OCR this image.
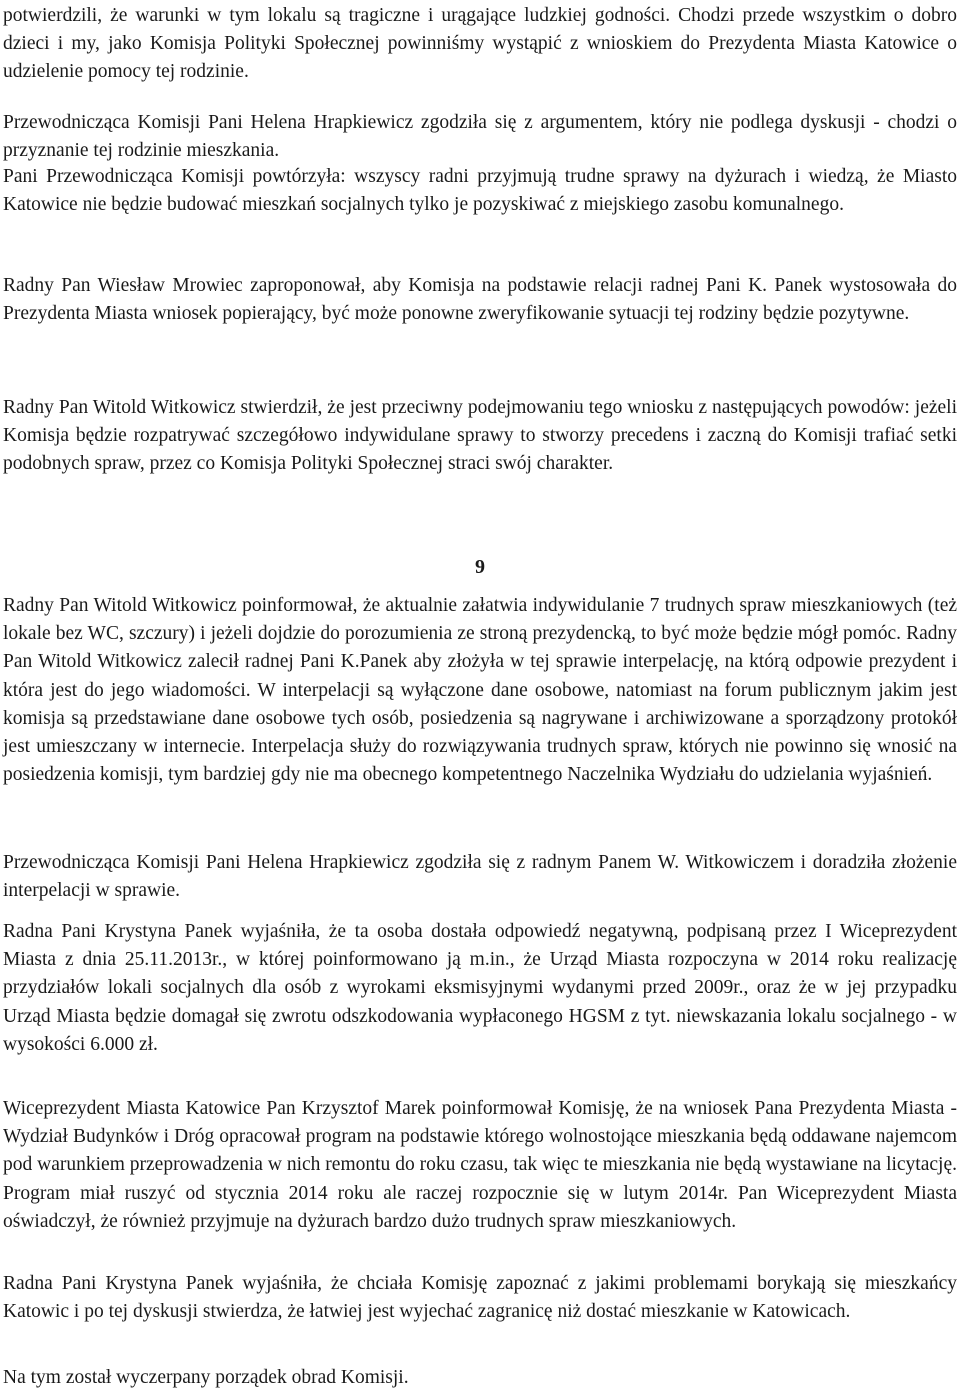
potwierdzili, że warunki w tym lokalu są tragiczne i urągające ludzkiej godności. Chodzi przede wszystkim o dobro dzieci i my, jako Komisja Polityki Społecznej powinniśmy wystąpić z wnioskiem do Prezydenta Miasta Katowice o udzielenie pomocy tej rodzinie.

Przewodnicząca Komisji Pani Helena Hrapkiewicz zgodziła się z argumentem, który nie podlega dyskusji - chodzi o przyznanie tej rodzinie mieszkania.

Pani Przewodnicząca Komisji powtórzyła: wszyscy radni przyjmują trudne sprawy na dyżurach i wiedzą, że Miasto Katowice nie będzie budować mieszkań socjalnych tylko je pozyskiwać z miejskiego zasobu komunalnego.

Radny Pan Wiesław Mrowiec zaproponował, aby Komisja na podstawie relacji radnej Pani K. Panek wystosowała do Prezydenta Miasta wniosek popierający, być może ponowne zweryfikowanie sytuacji tej rodziny będzie pozytywne.

Radny Pan Witold Witkowicz stwierdził, że jest przeciwny podejmowaniu tego wniosku z następujących powodów: jeżeli Komisja będzie rozpatrywać szczegółowo indywidulane sprawy to stworzy precedens i zaczną do Komisji trafiać setki podobnych spraw, przez co Komisja Polityki Społecznej straci swój charakter.

9

Radny Pan Witold Witkowicz poinformował, że aktualnie załatwia indywidulanie 7 trudnych spraw mieszkaniowych (też lokale bez WC, szczury) i jeżeli dojdzie do porozumienia ze stroną prezydencką, to być może będzie mógł pomóc. Radny Pan Witold Witkowicz zalecił radnej Pani K.Panek aby złożyła w tej sprawie interpelację, na którą odpowie prezydent i która jest do jego wiadomości. W interpelacji są wyłączone dane osobowe, natomiast na forum publicznym jakim jest komisja są przedstawiane dane osobowe tych osób, posiedzenia są nagrywane i archiwizowane a sporządzony protokół jest umieszczany w internecie. Interpelacja służy do rozwiązywania trudnych spraw, których nie powinno się wnosić na posiedzenia komisji, tym bardziej gdy nie ma obecnego kompetentnego Naczelnika Wydziału do udzielania wyjaśnień.

Przewodnicząca Komisji Pani Helena Hrapkiewicz zgodziła się z radnym Panem W. Witkowiczem i doradziła złożenie interpelacji w sprawie.

Radna Pani Krystyna Panek wyjaśniła, że ta osoba dostała odpowiedź negatywną, podpisaną przez I Wiceprezydent Miasta z dnia 25.11.2013r., w której poinformowano ją m.in., że Urząd Miasta rozpoczyna w 2014 roku realizację przydziałów lokali socjalnych dla osób z wyrokami eksmisyjnymi wydanymi przed 2009r., oraz że w jej przypadku Urząd Miasta będzie domagał się zwrotu odszkodowania wypłaconego HGSM z tyt. niewskazania lokalu socjalnego - w wysokości 6.000 zł.

Wiceprezydent Miasta Katowice Pan Krzysztof Marek poinformował Komisję, że na wniosek Pana Prezydenta Miasta - Wydział Budynków i Dróg opracował program na podstawie którego wolnostojące mieszkania będą oddawane najemcom pod warunkiem przeprowadzenia w nich remontu do roku czasu, tak więc te mieszkania nie będą wystawiane na licytację. Program miał ruszyć od stycznia 2014 roku ale raczej rozpocznie się w lutym 2014r. Pan Wiceprezydent Miasta oświadczył, że również przyjmuje na dyżurach bardzo dużo trudnych spraw mieszkaniowych.

Radna Pani Krystyna Panek wyjaśniła, że chciała Komisję zapoznać z jakimi problemami borykają się mieszkańcy Katowic i po tej dyskusji stwierdza, że łatwiej jest wyjechać zagranicę niż dostać mieszkanie w Katowicach.

Na tym został wyczerpany porządek obrad Komisji.
